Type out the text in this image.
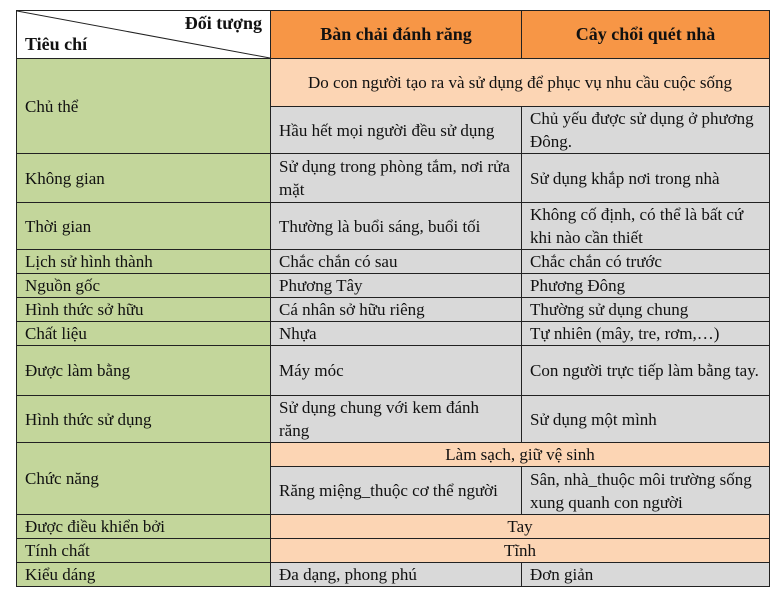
Đối tượng
Tiêu chí	Bàn chải đánh răng	Cây chổi quét nhà
Chủ thể	Do con người tạo ra và sử dụng để phục vụ nhu cầu cuộc sống	
	Hầu hết mọi người đều sử dụng	Chủ yếu được sử dụng ở phương Đông.
Không gian	Sử dụng trong phòng tắm, nơi rửa mặt	Sử dụng khắp nơi trong nhà
Thời gian	Thường là buổi sáng, buổi tối	Không cố định, có thể là bất cứ khi nào cần thiết
Lịch sử hình thành	Chắc chắn có sau	Chắc chắn có trước
Nguồn gốc	Phương Tây	Phương Đông
Hình thức sở hữu	Cá nhân sở hữu riêng	Thường sử dụng chung
Chất liệu	Nhựa	Tự nhiên (mây, tre, rơm,…)
Được làm bằng	Máy móc	Con người trực tiếp làm bằng tay.
Hình thức sử dụng	Sử dụng chung với kem đánh răng	Sử dụng một mình
Chức năng	Làm sạch, giữ vệ sinh	
	Răng miệng_thuộc cơ thể người	Sân, nhà_thuộc môi trường sống xung quanh con người
Được điều khiển bởi	Tay	
Tính chất	Tĩnh	
Kiểu dáng	Đa dạng, phong phú	Đơn giản
